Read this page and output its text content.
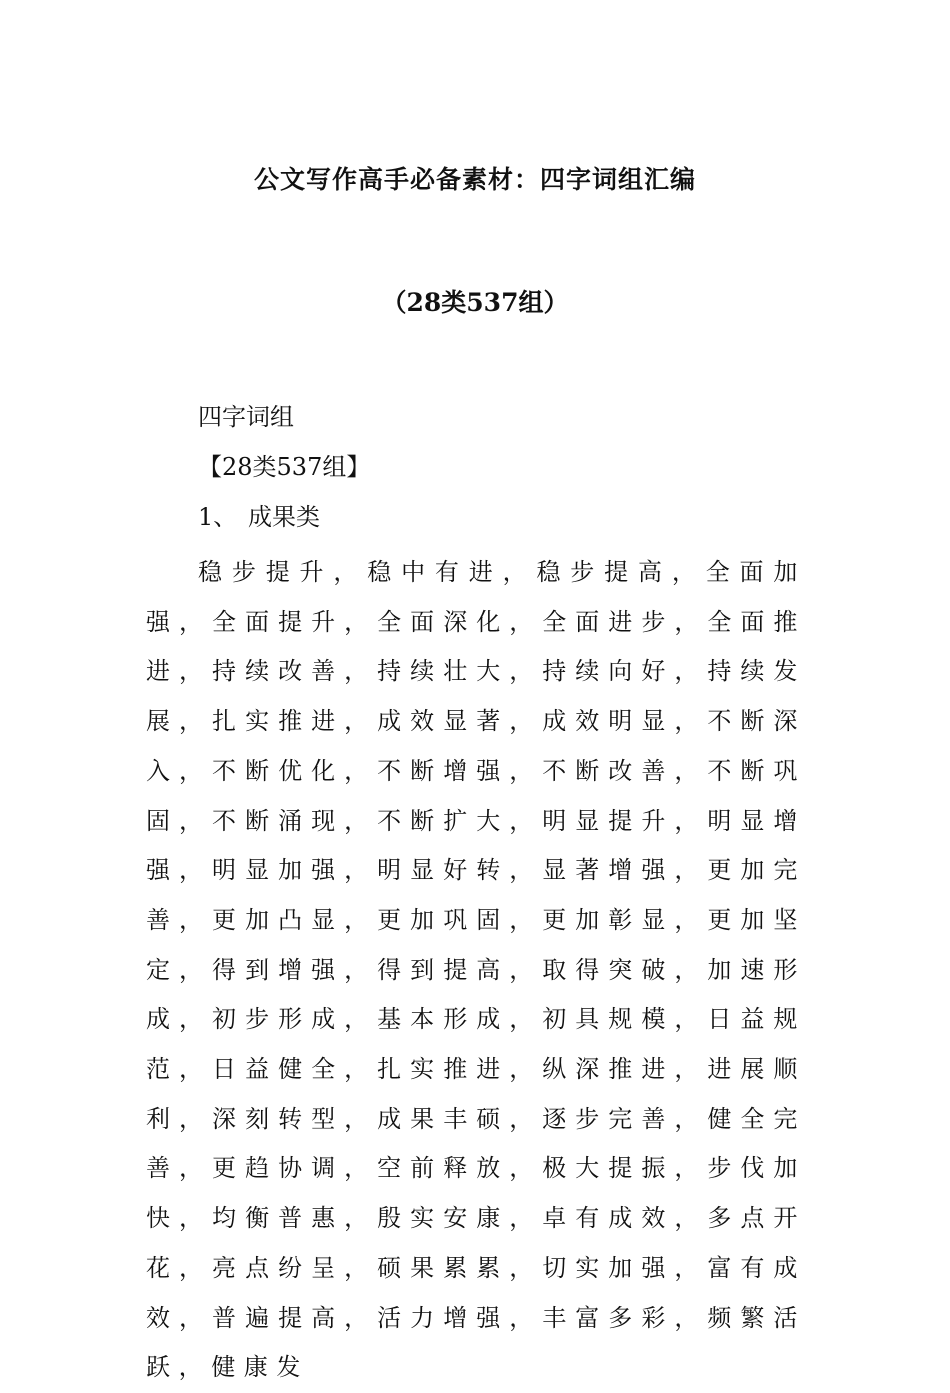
公文写作高手必备素材：四字词组汇编
（28类537组）
四字词组
【28类537组】
1、 成果类
稳步提升，稳中有进，稳步提高，全面加强，全面提升，全面深化，全面进步，全面推进，持续改善，持续壮大，持续向好，持续发展，扎实推进，成效显著，成效明显，不断深入，不断优化，不断增强，不断改善，不断巩固，不断涌现，不断扩大，明显提升，明显增强，明显加强，明显好转，显著增强，更加完善，更加凸显，更加巩固，更加彰显，更加坚定，得到增强，得到提高，取得突破，加速形成，初步形成，基本形成，初具规模，日益规范，日益健全，扎实推进，纵深推进，进展顺利，深刻转型，成果丰硕，逐步完善，健全完善，更趋协调，空前释放，极大提振，步伐加快，均衡普惠，殷实安康，卓有成效，多点开花，亮点纷呈，硕果累累，切实加强，富有成效，普遍提高，活力增强，丰富多彩，频繁活跃，健康发
